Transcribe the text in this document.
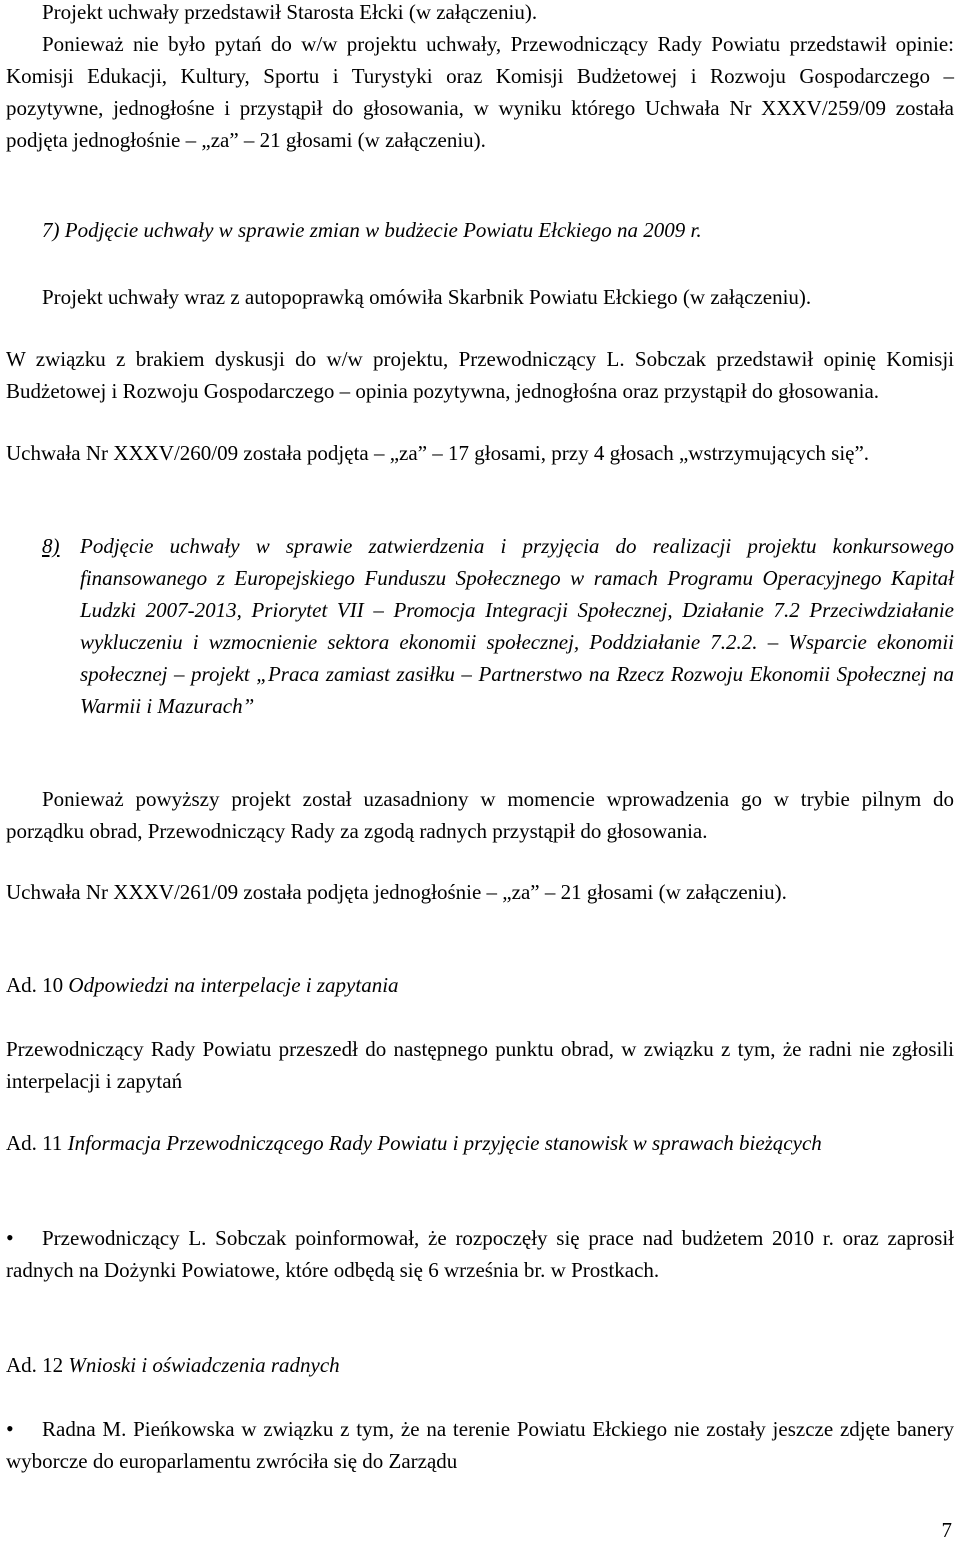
Projekt uchwały przedstawił Starosta Ełcki (w załączeniu).

Ponieważ nie było pytań do w/w projektu uchwały, Przewodniczący Rady Powiatu przedstawił opinie: Komisji Edukacji, Kultury, Sportu i Turystyki oraz Komisji Budżetowej i Rozwoju Gospodarczego – pozytywne, jednogłośne i przystąpił do głosowania, w wyniku którego Uchwała Nr XXXV/259/09 została podjęta jednogłośnie – „za” – 21 głosami (w załączeniu).

7) Podjęcie uchwały w sprawie zmian w budżecie Powiatu Ełckiego na 2009 r.

Projekt uchwały wraz z autopoprawką omówiła Skarbnik Powiatu Ełckiego (w załączeniu).

W związku z brakiem dyskusji do w/w projektu, Przewodniczący L. Sobczak przedstawił opinię Komisji Budżetowej i Rozwoju Gospodarczego – opinia pozytywna, jednogłośna oraz przystąpił do głosowania.

Uchwała Nr XXXV/260/09 została podjęta – „za” – 17 głosami, przy 4 głosach „wstrzymujących się”.

8) Podjęcie uchwały w sprawie zatwierdzenia i przyjęcia do realizacji projektu konkursowego finansowanego z Europejskiego Funduszu Społecznego w ramach Programu Operacyjnego Kapitał Ludzki 2007-2013, Priorytet VII – Promocja Integracji Społecznej, Działanie 7.2 Przeciwdziałanie wykluczeniu i wzmocnienie sektora ekonomii społecznej, Poddziałanie 7.2.2. – Wsparcie ekonomii społecznej – projekt „Praca zamiast zasiłku – Partnerstwo na Rzecz Rozwoju Ekonomii Społecznej na Warmii i Mazurach”

Ponieważ powyższy projekt został uzasadniony w momencie wprowadzenia go w trybie pilnym do porządku obrad, Przewodniczący Rady za zgodą radnych przystąpił do głosowania.

Uchwała Nr XXXV/261/09 została podjęta jednogłośnie – „za” – 21 głosami (w załączeniu).

Ad. 10 Odpowiedzi na interpelacje i zapytania

Przewodniczący Rady Powiatu przeszedł do następnego punktu obrad, w związku z tym, że radni nie zgłosili interpelacji i zapytań

Ad. 11 Informacja Przewodniczącego Rady Powiatu i przyjęcie stanowisk w sprawach bieżących

•	Przewodniczący L. Sobczak poinformował, że rozpoczęły się prace nad budżetem 2010 r. oraz zaprosił radnych na Dożynki Powiatowe, które odbędą się 6 września br. w Prostkach.

Ad. 12 Wnioski i oświadczenia radnych
•	Radna M. Pieńkowska w związku z tym, że na terenie Powiatu Ełckiego nie zostały jeszcze zdjęte banery wyborcze do europarlamentu zwróciła się do Zarządu

7
